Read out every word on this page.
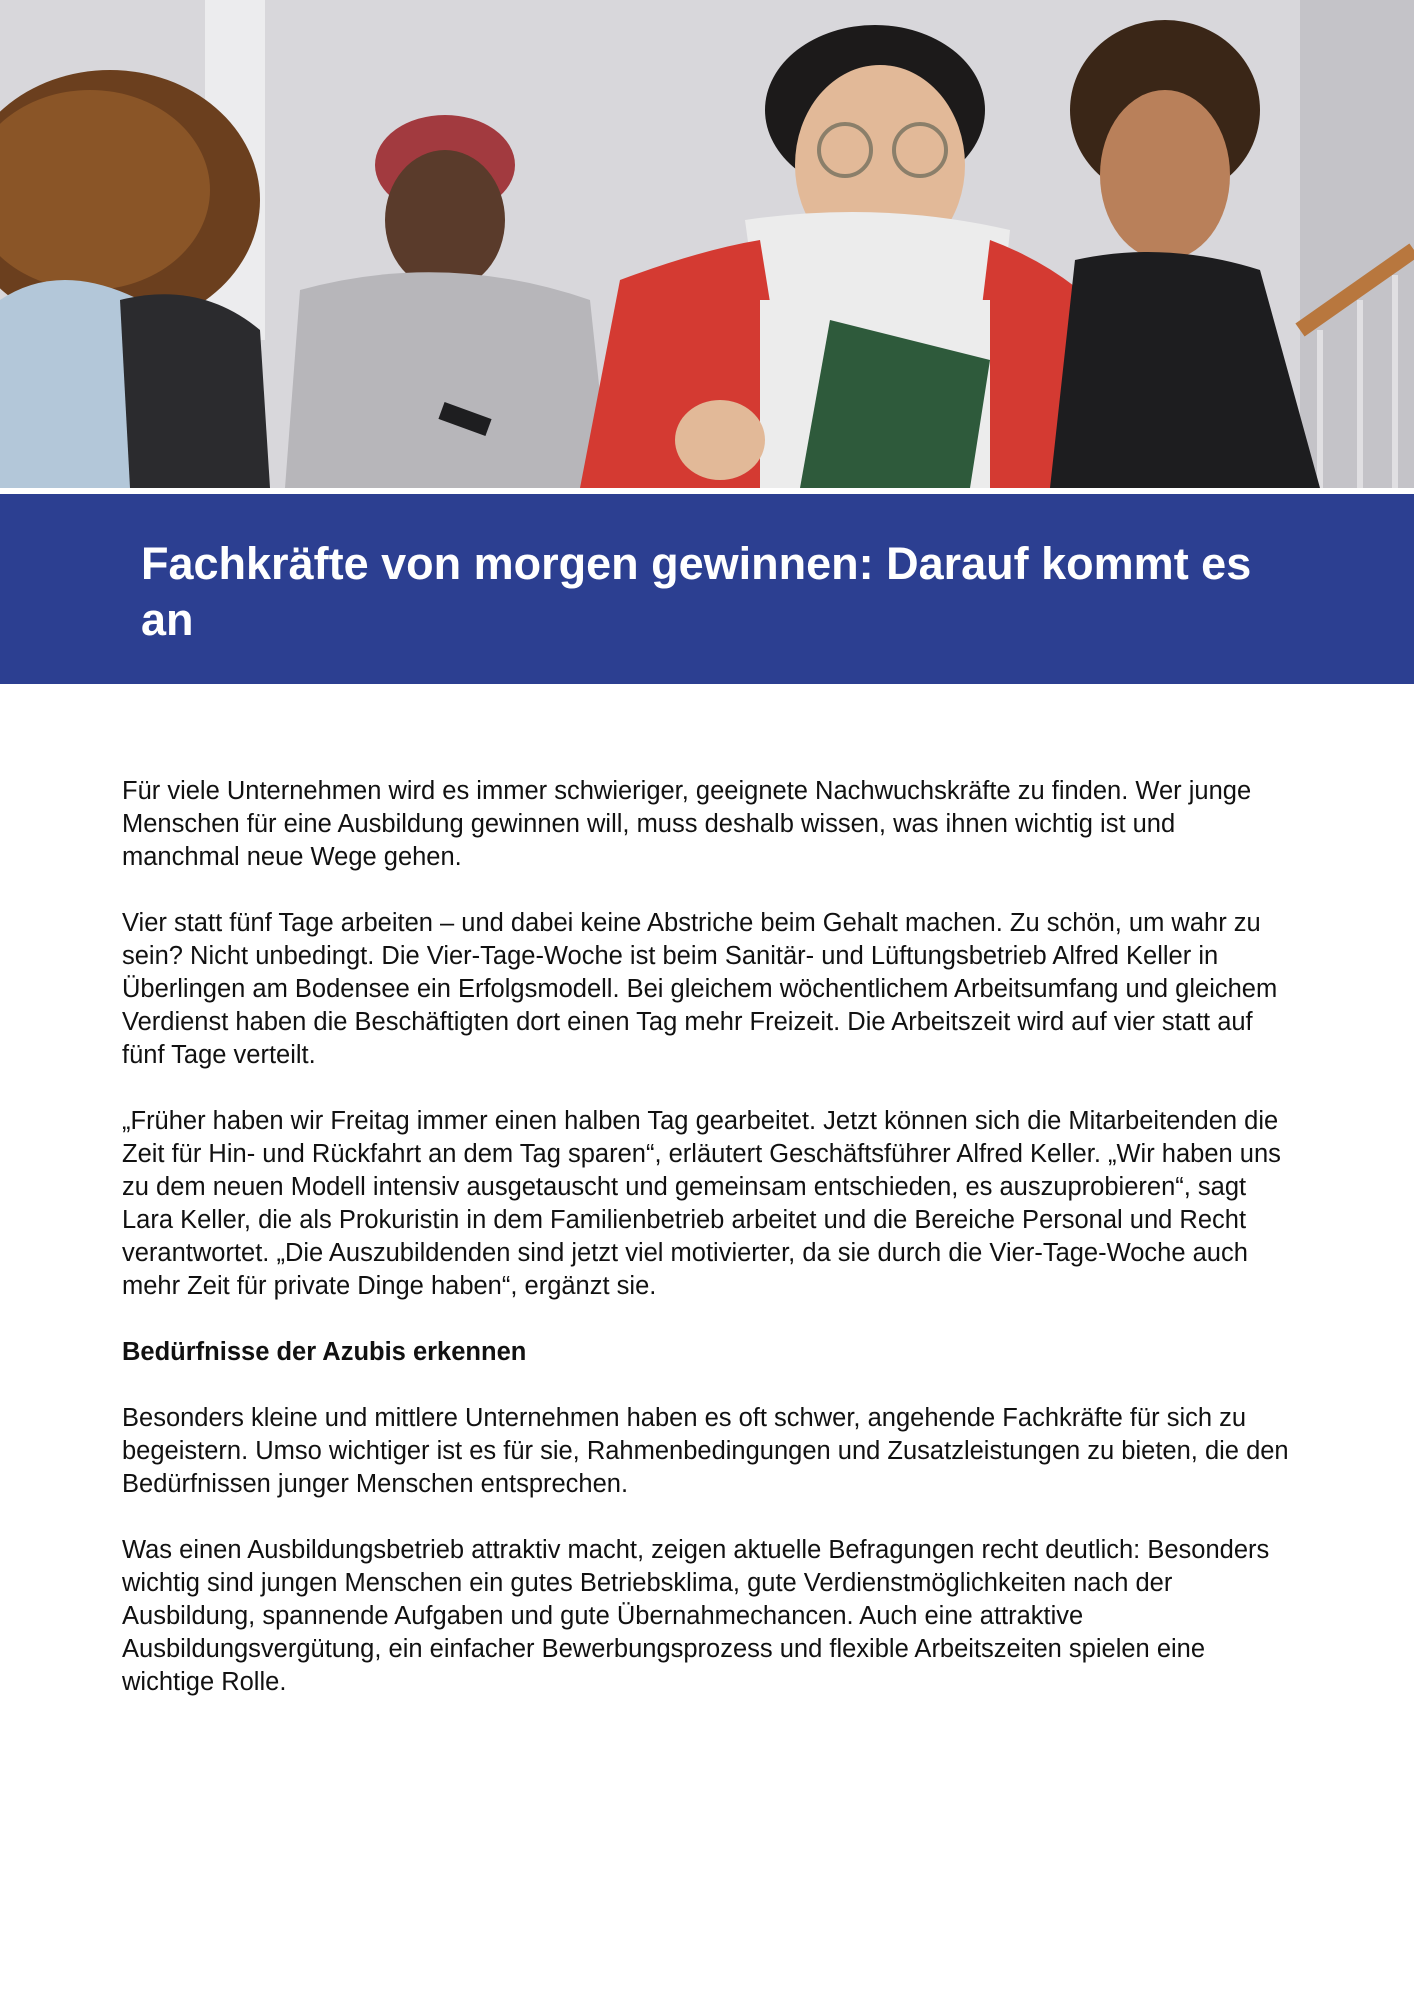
Fachkräfte von morgen gewinnen: Darauf kommt es an

Für viele Unternehmen wird es immer schwieriger, geeignete Nachwuchskräfte zu finden. Wer junge Menschen für eine Ausbildung gewinnen will, muss deshalb wissen, was ihnen wichtig ist und manchmal neue Wege gehen.

Vier statt fünf Tage arbeiten – und dabei keine Abstriche beim Gehalt machen. Zu schön, um wahr zu sein? Nicht unbedingt. Die Vier-Tage-Woche ist beim Sanitär- und Lüftungsbetrieb Alfred Keller in Überlingen am Bodensee ein Erfolgsmodell. Bei gleichem wöchentlichem Arbeitsumfang und gleichem Verdienst haben die Beschäftigten dort einen Tag mehr Freizeit. Die Arbeitszeit wird auf vier statt auf fünf Tage verteilt.

„Früher haben wir Freitag immer einen halben Tag gearbeitet. Jetzt können sich die Mitarbeitenden die Zeit für Hin- und Rückfahrt an dem Tag sparen“, erläutert Geschäftsführer Alfred Keller. „Wir haben uns zu dem neuen Modell intensiv ausgetauscht und gemeinsam entschieden, es auszuprobieren“, sagt Lara Keller, die als Prokuristin in dem Familienbetrieb arbeitet und die Bereiche Personal und Recht verantwortet. „Die Auszubildenden sind jetzt viel motivierter, da sie durch die Vier-Tage-Woche auch mehr Zeit für private Dinge haben“, ergänzt sie.

Bedürfnisse der Azubis erkennen

Besonders kleine und mittlere Unternehmen haben es oft schwer, angehende Fachkräfte für sich zu begeistern. Umso wichtiger ist es für sie, Rahmenbedingungen und Zusatzleistungen zu bieten, die den Bedürfnissen junger Menschen entsprechen.

Was einen Ausbildungsbetrieb attraktiv macht, zeigen aktuelle Befragungen recht deutlich: Besonders wichtig sind jungen Menschen ein gutes Betriebsklima, gute Verdienstmöglichkeiten nach der Ausbildung, spannende Aufgaben und gute Übernahmechancen. Auch eine attraktive Ausbildungsvergütung, ein einfacher Bewerbungsprozess und flexible Arbeitszeiten spielen eine wichtige Rolle.
